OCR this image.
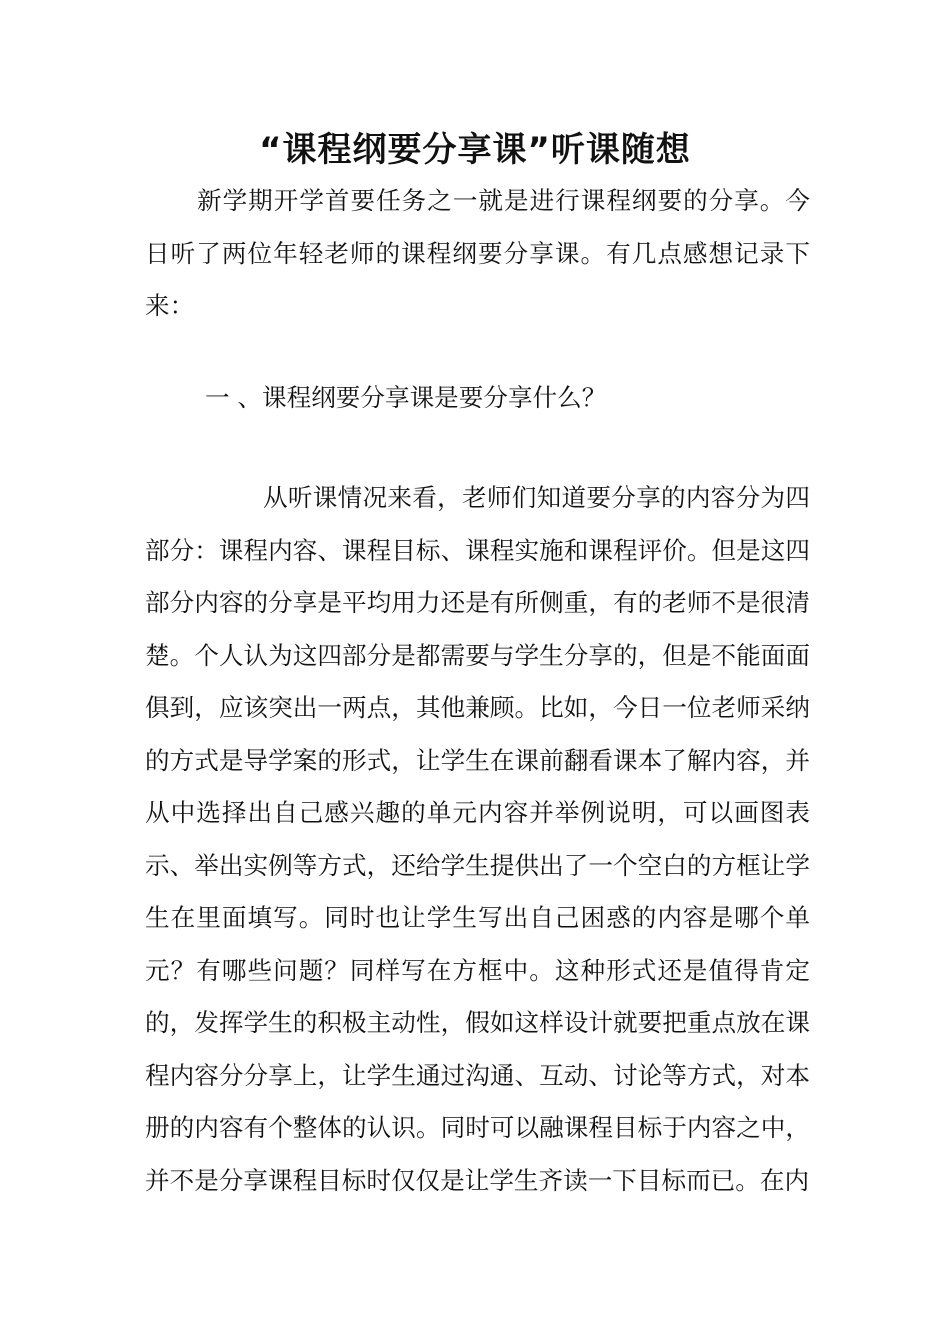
“课程纲要分享课”听课随想

新学期开学首要任务之一就是进行课程纲要的分享。今日听了两位年轻老师的课程纲要分享课。有几点感想记录下来：

一 、课程纲要分享课是要分享什么？

从听课情况来看，老师们知道要分享的内容分为四部分：课程内容、课程目标、课程实施和课程评价。但是这四部分内容的分享是平均用力还是有所侧重，有的老师不是很清楚。个人认为这四部分是都需要与学生分享的，但是不能面面俱到，应该突出一两点，其他兼顾。比如，今日一位老师采纳的方式是导学案的形式，让学生在课前翻看课本了解内容，并从中选择出自己感兴趣的单元内容并举例说明，可以画图表示、举出实例等方式，还给学生提供出了一个空白的方框让学生在里面填写。同时也让学生写出自己困惑的内容是哪个单元？有哪些问题？同样写在方框中。这种形式还是值得肯定的，发挥学生的积极主动性，假如这样设计就要把重点放在课程内容分分享上，让学生通过沟通、互动、讨论等方式，对本册的内容有个整体的认识。同时可以融课程目标于内容之中，并不是分享课程目标时仅仅是让学生齐读一下目标而已。在内
